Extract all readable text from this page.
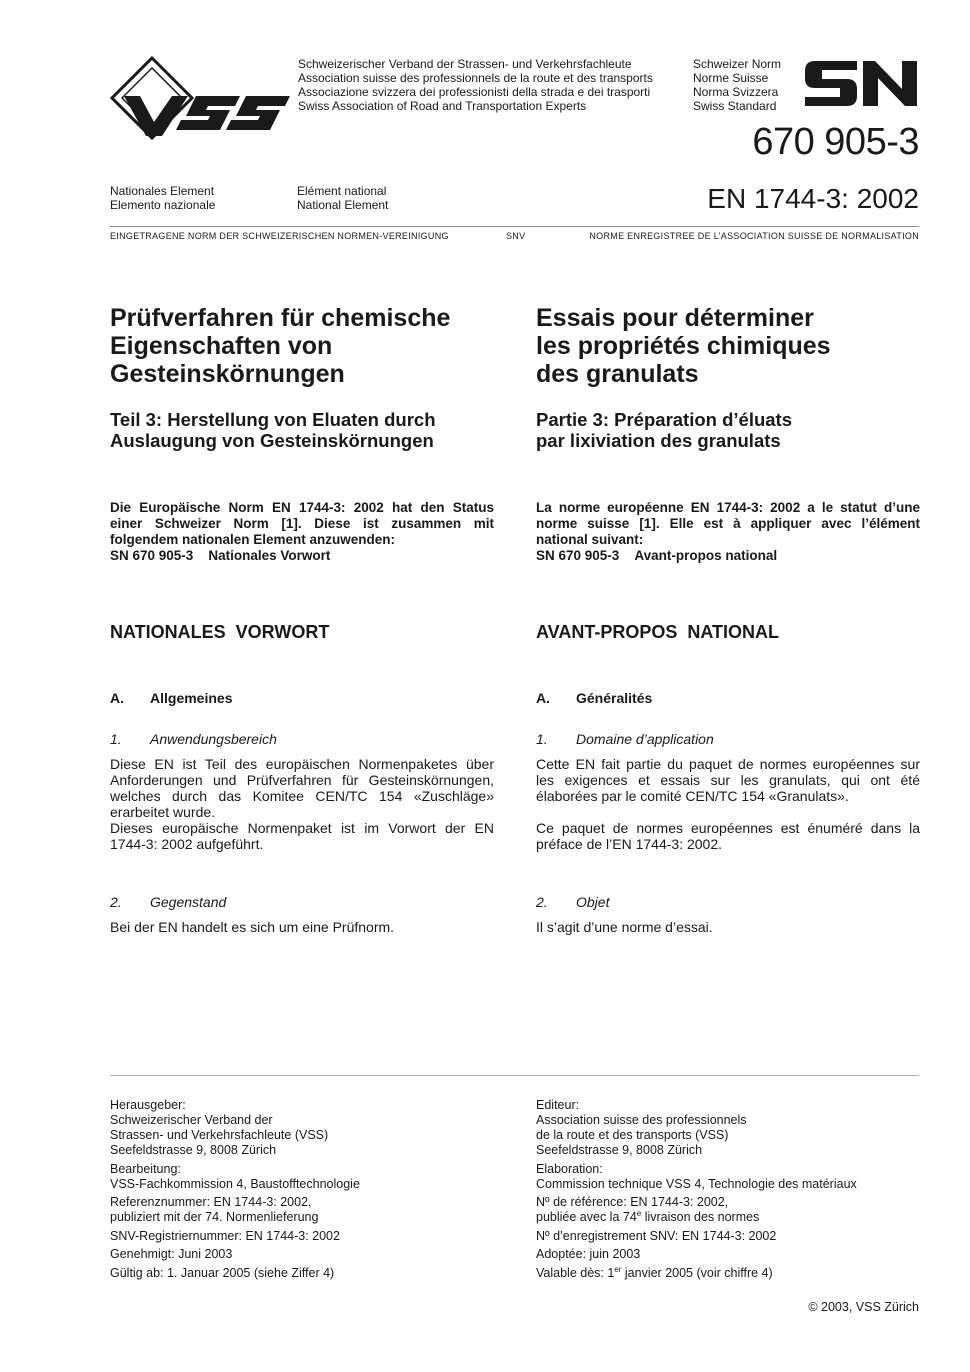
Schweizerischer Verband der Strassen- und Verkehrsfachleute
Association suisse des professionnels de la route et des transports
Associazione svizzera dei professionisti della strada e dei trasporti
Swiss Association of Road and Transportation Experts
Schweizer Norm
Norme Suisse
Norma Svizzera
Swiss Standard
670 905-3
EN 1744-3: 2002
Nationales Element
Elemento nazionale
Elément national
National Element
EINGETRAGENE NORM DER SCHWEIZERISCHEN NORMEN-VEREINIGUNG	SNV	NORME ENREGISTREE DE L’ASSOCIATION SUISSE DE NORMALISATION
Prüfverfahren für chemische
Eigenschaften von
Gesteinskörnungen
Essais pour déterminer
les propriétés chimiques
des granulats
Teil 3: Herstellung von Eluaten durch
Auslaugung von Gesteinskörnungen
Partie 3: Préparation d’éluats
par lixiviation des granulats
Die Europäische Norm EN 1744-3: 2002 hat den Status einer Schweizer Norm [1]. Diese ist zusammen mit folgendem nationalen Element anzuwenden:
SN 670 905-3 Nationales Vorwort
La norme européenne EN 1744-3: 2002 a le statut d’une norme suisse [1]. Elle est à appliquer avec l’élément national suivant:
SN 670 905-3 Avant-propos national
NATIONALES  VORWORT	AVANT-PROPOS  NATIONAL
A. Allgemeines	A. Généralités
1. Anwendungsbereich	1. Domaine d’application
Diese EN ist Teil des europäischen Normenpaketes über Anforderungen und Prüfverfahren für Gesteinskörnungen, welches durch das Komitee CEN/TC 154 «Zuschläge» erarbeitet wurde.
Dieses europäische Normenpaket ist im Vorwort der EN 1744-3: 2002 aufgeführt.
Cette EN fait partie du paquet de normes européennes sur les exigences et essais sur les granulats, qui ont été élaborées par le comité CEN/TC 154 «Granulats».
Ce paquet de normes européennes est énuméré dans la préface de l’EN 1744-3: 2002.
2. Gegenstand	2. Objet
Bei der EN handelt es sich um eine Prüfnorm.	Il s’agit d’une norme d’essai.
Herausgeber:
Schweizerischer Verband der
Strassen- und Verkehrsfachleute (VSS)
Seefeldstrasse 9, 8008 Zürich
Bearbeitung:
VSS-Fachkommission 4, Baustofftechnologie
Referenznummer: EN 1744-3: 2002,
publiziert mit der 74. Normenlieferung
SNV-Registriernummer: EN 1744-3: 2002
Genehmigt: Juni 2003
Gültig ab: 1. Januar 2005 (siehe Ziffer 4)
Editeur:
Association suisse des professionnels
de la route et des transports (VSS)
Seefeldstrasse 9, 8008 Zürich
Elaboration:
Commission technique VSS 4, Technologie des matériaux
Nº de référence: EN 1744-3: 2002,
publiée avec la 74e livraison des normes
Nº d’enregistrement SNV: EN 1744-3: 2002
Adoptée: juin 2003
Valable dès: 1er janvier 2005 (voir chiffre 4)
© 2003, VSS Zürich
